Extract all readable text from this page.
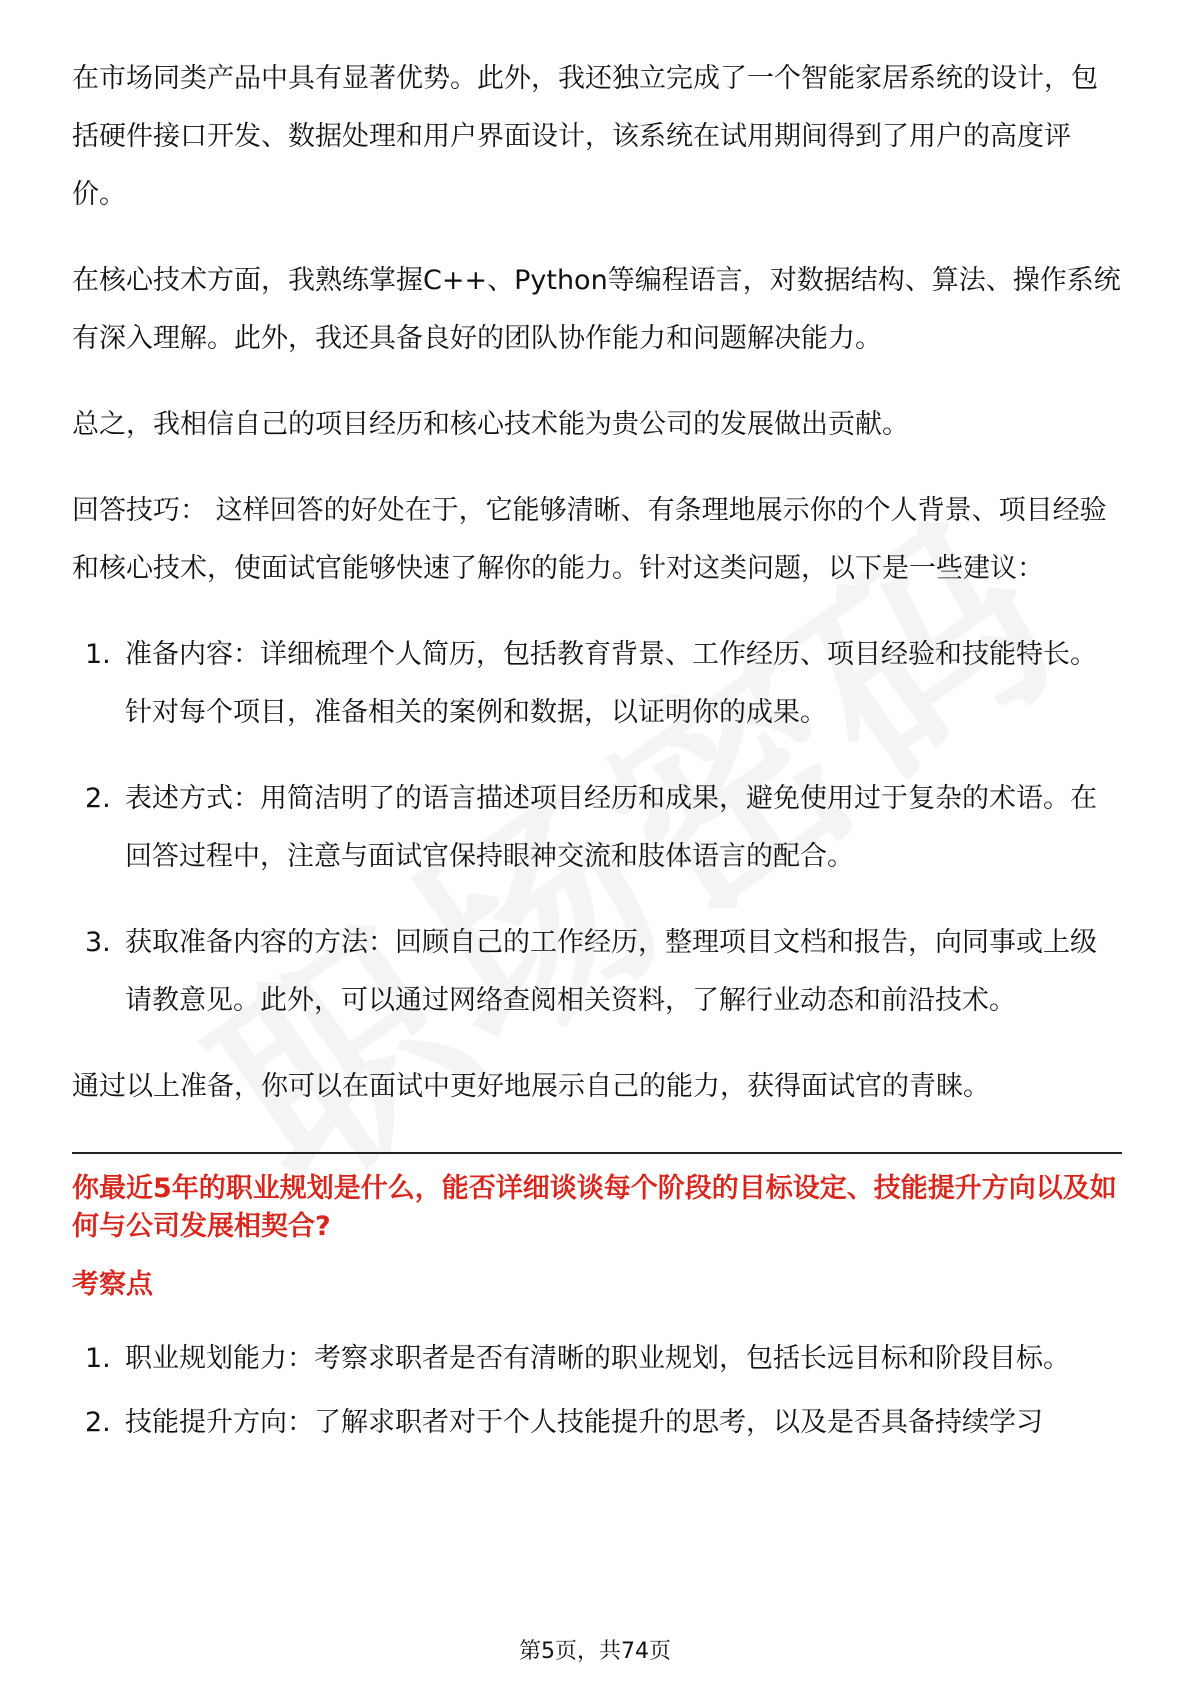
在市场同类产品中具有显著优势。此外，我还独立完成了一个智能家居系统的设计，包括硬件接口开发、数据处理和用户界面设计，该系统在试用期间得到了用户的高度评价。

在核心技术方面，我熟练掌握C++、Python等编程语言，对数据结构、算法、操作系统有深入理解。此外，我还具备良好的团队协作能力和问题解决能力。

总之，我相信自己的项目经历和核心技术能为贵公司的发展做出贡献。

回答技巧： 这样回答的好处在于，它能够清晰、有条理地展示你的个人背景、项目经验和核心技术，使面试官能够快速了解你的能力。针对这类问题，以下是一些建议：

1. 准备内容：详细梳理个人简历，包括教育背景、工作经历、项目经验和技能特长。针对每个项目，准备相关的案例和数据，以证明你的成果。
2. 表述方式：用简洁明了的语言描述项目经历和成果，避免使用过于复杂的术语。在回答过程中，注意与面试官保持眼神交流和肢体语言的配合。
3. 获取准备内容的方法：回顾自己的工作经历，整理项目文档和报告，向同事或上级请教意见。此外，可以通过网络查阅相关资料，了解行业动态和前沿技术。

通过以上准备，你可以在面试中更好地展示自己的能力，获得面试官的青睐。

你最近5年的职业规划是什么，能否详细谈谈每个阶段的目标设定、技能提升方向以及如何与公司发展相契合?
考察点
1. 职业规划能力：考察求职者是否有清晰的职业规划，包括长远目标和阶段目标。
2. 技能提升方向：了解求职者对于个人技能提升的思考，以及是否具备持续学习
第5页，共74页
